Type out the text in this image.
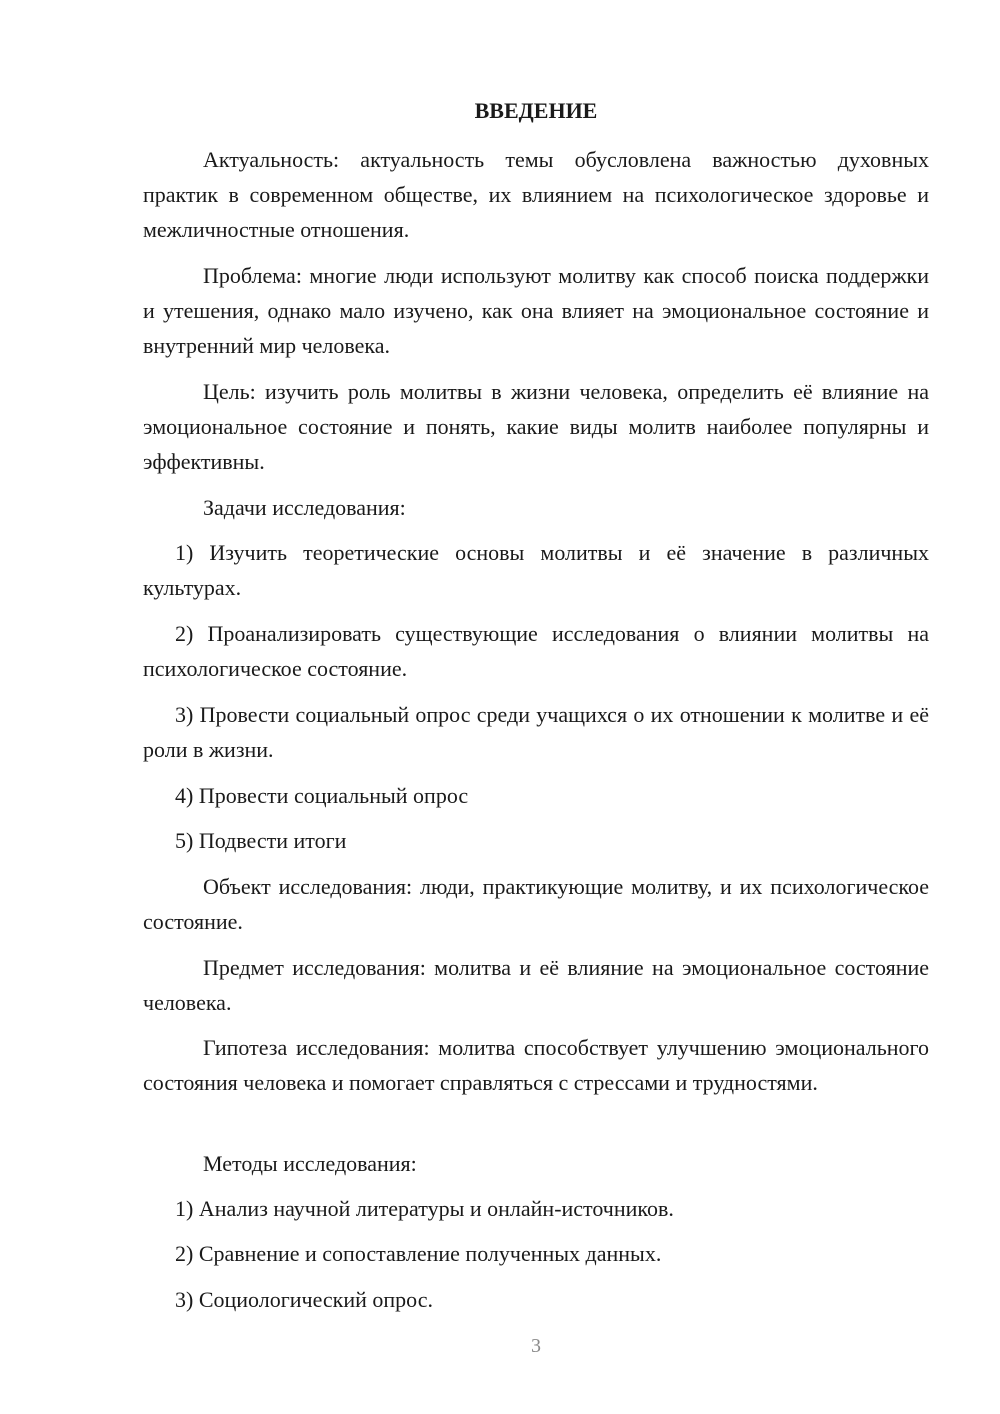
ВВЕДЕНИЕ

Актуальность: актуальность темы обусловлена важностью духовных практик в современном обществе, их влиянием на психологическое здоровье и межличностные отношения.

Проблема: многие люди используют молитву как способ поиска поддержки и утешения, однако мало изучено, как она влияет на эмоциональное состояние и внутренний мир человека.

Цель: изучить роль молитвы в жизни человека, определить её влияние на эмоциональное состояние и понять, какие виды молитв наиболее популярны и эффективны.

Задачи исследования:

1) Изучить теоретические основы молитвы и её значение в различных культурах.

2) Проанализировать существующие исследования о влиянии молитвы на психологическое состояние.

3) Провести социальный опрос среди учащихся о их отношении к молитве и её роли в жизни.

4) Провести социальный опрос

5) Подвести итоги

Объект исследования: люди, практикующие молитву, и их психологическое состояние.

Предмет исследования: молитва и её влияние на эмоциональное состояние человека.

Гипотеза исследования: молитва способствует улучшению эмоционального состояния человека и помогает справляться с стрессами и трудностями.

Методы исследования:

1) Анализ научной литературы и онлайн-источников.

2) Сравнение и сопоставление полученных данных.

3) Социологический опрос.

3
